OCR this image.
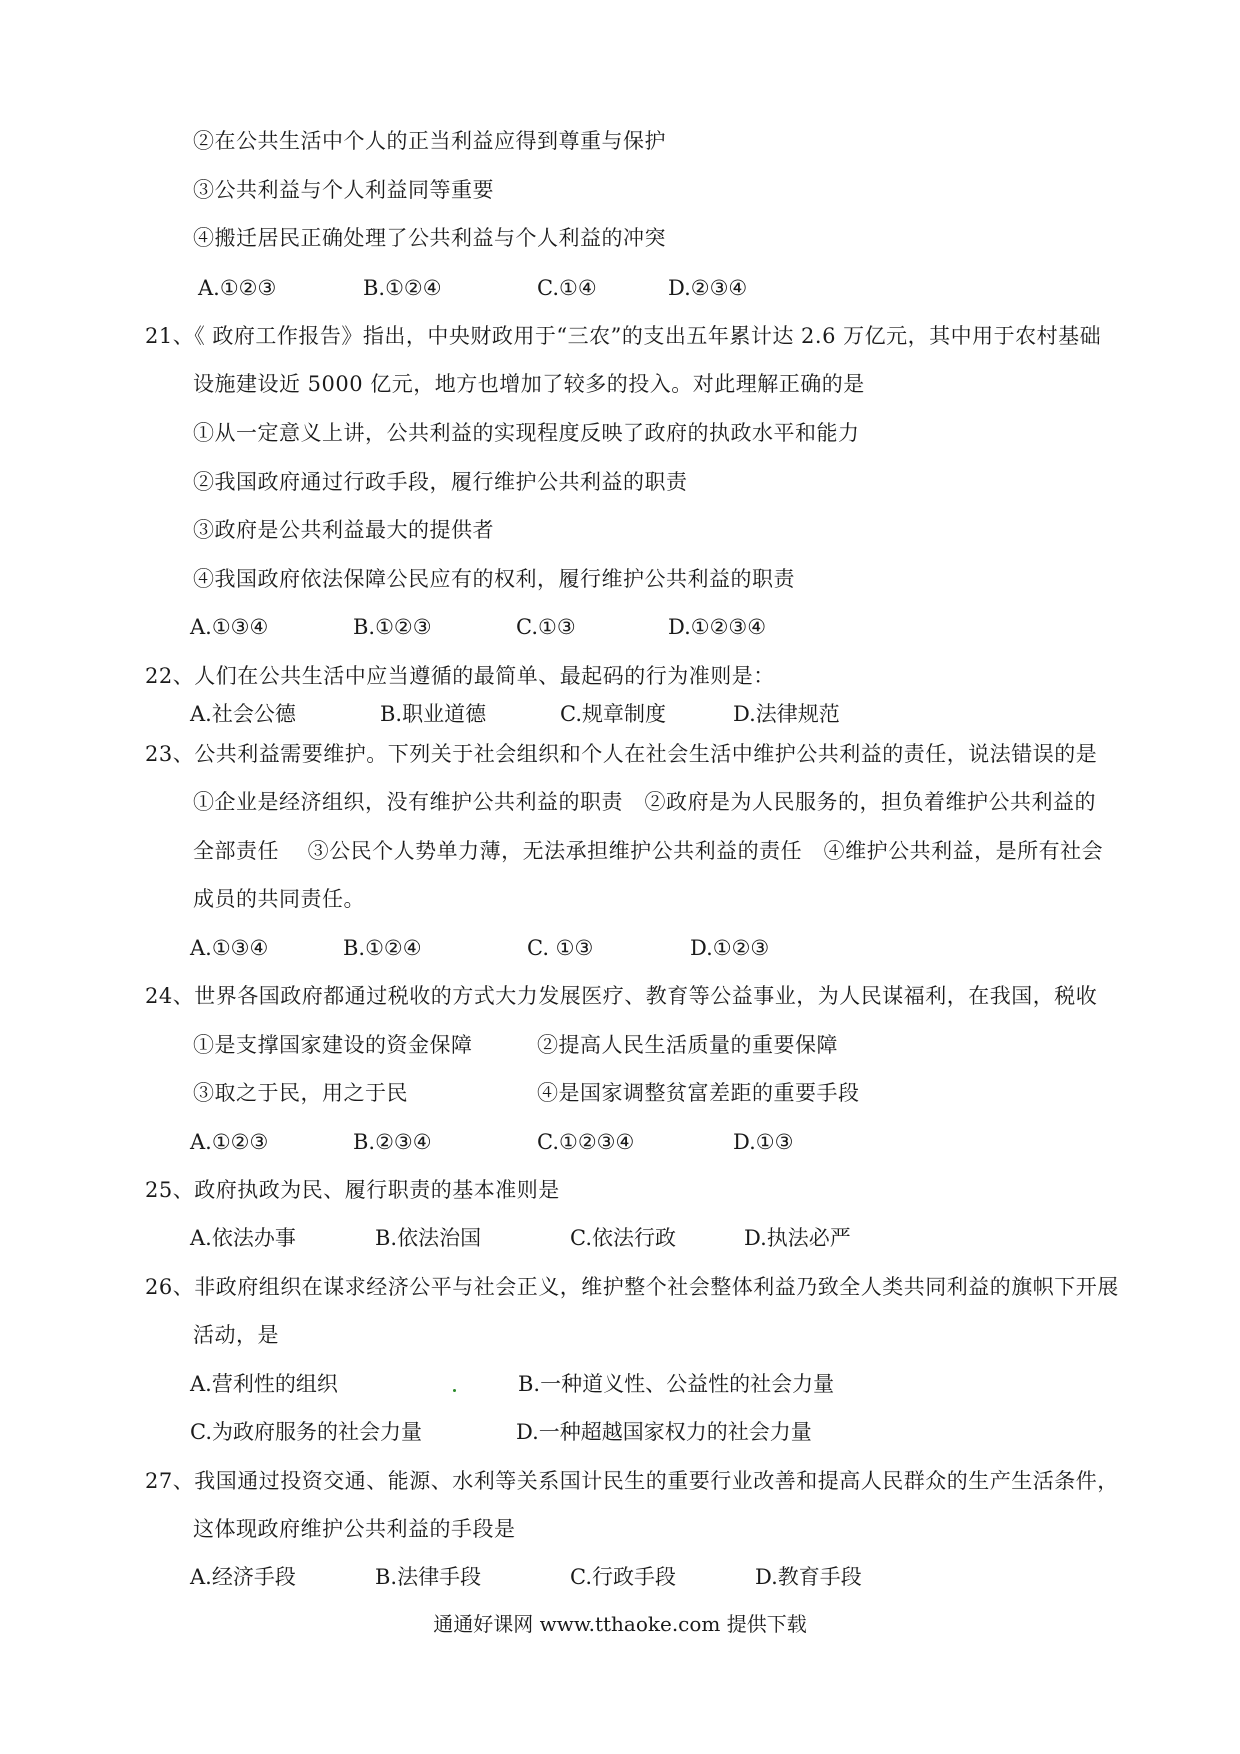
②在公共生活中个人的正当利益应得到尊重与保护
③公共利益与个人利益同等重要
④搬迁居民正确处理了公共利益与个人利益的冲突
A.①②③	B.①②④	C.①④	D.②③④
21、《 政府工作报告》指出，中央财政用于“三农”的支出五年累计达 2.6 万亿元，其中用于农村基础
设施建设近 5000 亿元，地方也增加了较多的投入。对此理解正确的是
①从一定意义上讲，公共利益的实现程度反映了政府的执政水平和能力
②我国政府通过行政手段，履行维护公共利益的职责
③政府是公共利益最大的提供者
④我国政府依法保障公民应有的权利，履行维护公共利益的职责
A.①③④	B.①②③	C.①③	D.①②③④
22、人们在公共生活中应当遵循的最简单、最起码的行为准则是：
A.社会公德	B.职业道德	C.规章制度	D.法律规范
23、公共利益需要维护。下列关于社会组织和个人在社会生活中维护公共利益的责任，说法错误的是
①企业是经济组织，没有维护公共利益的职责　②政府是为人民服务的，担负着维护公共利益的
全部责任　 ③公民个人势单力薄，无法承担维护公共利益的责任　④维护公共利益，是所有社会
成员的共同责任。
A.①③④	B.①②④	C. ①③	D.①②③
24、世界各国政府都通过税收的方式大力发展医疗、教育等公益事业，为人民谋福利，在我国，税收
①是支撑国家建设的资金保障	②提高人民生活质量的重要保障
③取之于民，用之于民	④是国家调整贫富差距的重要手段
A.①②③	B.②③④	C.①②③④	D.①③
25、政府执政为民、履行职责的基本准则是
A.依法办事	B.依法治国	C.依法行政	D.执法必严
26、非政府组织在谋求经济公平与社会正义，维护整个社会整体利益乃致全人类共同利益的旗帜下开展
活动，是
A.营利性的组织	B.一种道义性、公益性的社会力量
C.为政府服务的社会力量	D.一种超越国家权力的社会力量
27、我国通过投资交通、能源、水利等关系国计民生的重要行业改善和提高人民群众的生产生活条件，
这体现政府维护公共利益的手段是
A.经济手段	B.法律手段	C.行政手段	D.教育手段
通通好课网 www.tthaoke.com 提供下载
